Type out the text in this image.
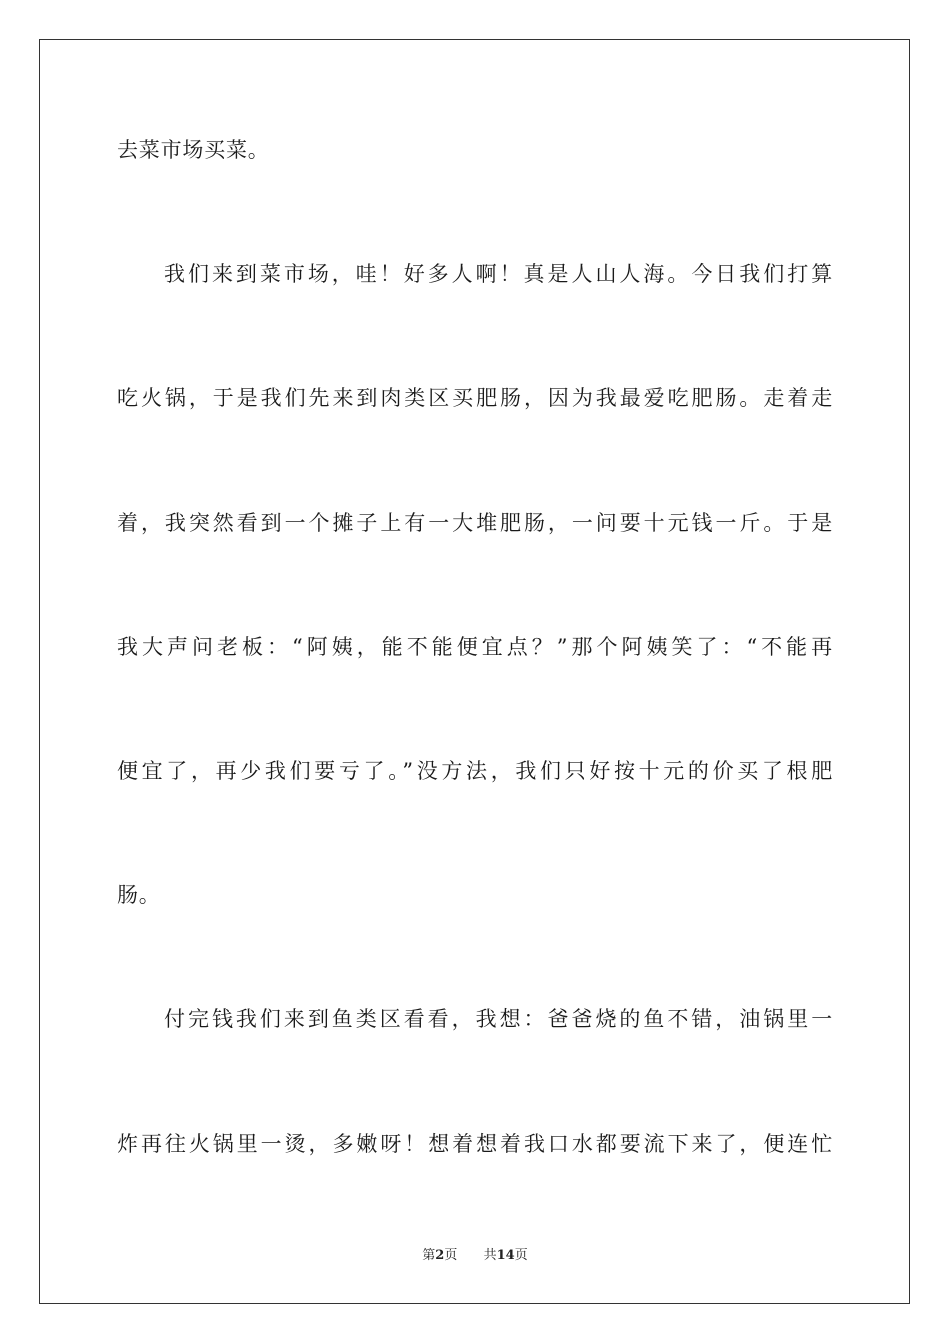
去菜市场买菜。
我们来到菜市场，哇！好多人啊！真是人山人海。今日我们打算
吃火锅，于是我们先来到肉类区买肥肠，因为我最爱吃肥肠。走着走
着，我突然看到一个摊子上有一大堆肥肠，一问要十元钱一斤。于是
我大声问老板：“阿姨，能不能便宜点？”那个阿姨笑了：“不能再
便宜了，再少我们要亏了。”没方法，我们只好按十元的价买了根肥
肠。
付完钱我们来到鱼类区看看，我想：爸爸烧的鱼不错，油锅里一
炸再往火锅里一烫，多嫩呀！想着想着我口水都要流下来了，便连忙
第2页 共14页
